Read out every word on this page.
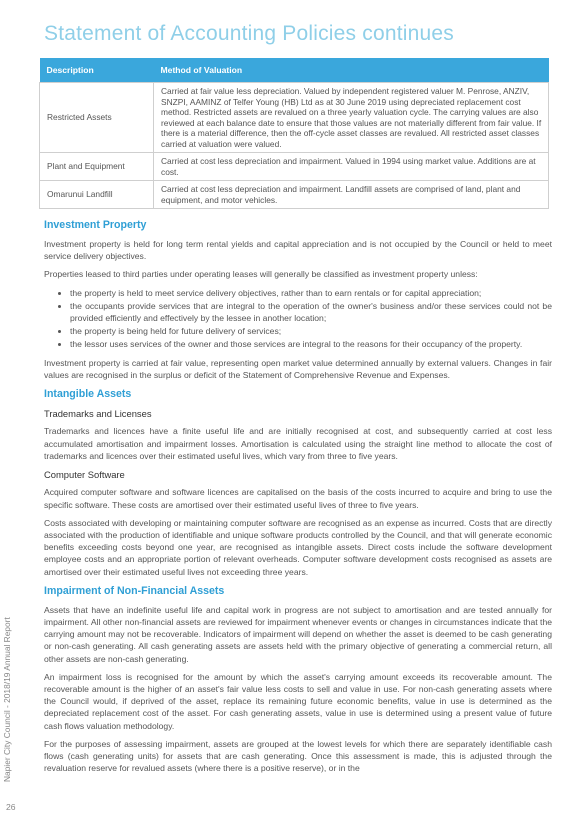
Statement of Accounting Policies continues
Description	Method of Valuation
Restricted Assets	Carried at fair value less depreciation. Valued by independent registered valuer M. Penrose, ANZIV, SNZPI, AAMINZ of Telfer Young (HB) Ltd as at 30 June 2019 using depreciated replacement cost method. Restricted assets are revalued on a three yearly valuation cycle. The carrying values are also reviewed at each balance date to ensure that those values are not materially different from fair value. If there is a material difference, then the off-cycle asset classes are revalued. All restricted asset classes carried at valuation were valued.
Plant and Equipment	Carried at cost less depreciation and impairment. Valued in 1994 using market value. Additions are at cost.
Omarunui Landfill	Carried at cost less depreciation and impairment. Landfill assets are comprised of land, plant and equipment, and motor vehicles.
Investment Property

Investment property is held for long term rental yields and capital appreciation and is not occupied by the Council or held to meet service delivery objectives.

Properties leased to third parties under operating leases will generally be classified as investment property unless:

• the property is held to meet service delivery objectives, rather than to earn rentals or for capital appreciation;
• the occupants provide services that are integral to the operation of the owner's business and/or these services could not be provided efficiently and effectively by the lessee in another location;
• the property is being held for future delivery of services;
• the lessor uses services of the owner and those services are integral to the reasons for their occupancy of the property.

Investment property is carried at fair value, representing open market value determined annually by external valuers. Changes in fair values are recognised in the surplus or deficit of the Statement of Comprehensive Revenue and Expenses.

Intangible Assets
Trademarks and Licenses

Trademarks and licences have a finite useful life and are initially recognised at cost, and subsequently carried at cost less accumulated amortisation and impairment losses. Amortisation is calculated using the straight line method to allocate the cost of trademarks and licences over their estimated useful lives, which vary from three to five years.

Computer Software

Acquired computer software and software licences are capitalised on the basis of the costs incurred to acquire and bring to use the specific software. These costs are amortised over their estimated useful lives of three to five years.

Costs associated with developing or maintaining computer software are recognised as an expense as incurred. Costs that are directly associated with the production of identifiable and unique software products controlled by the Council, and that will generate economic benefits exceeding costs beyond one year, are recognised as intangible assets. Direct costs include the software development employee costs and an appropriate portion of relevant overheads. Computer software development costs recognised as assets are amortised over their estimated useful lives not exceeding three years.

Impairment of Non-Financial Assets

Assets that have an indefinite useful life and capital work in progress are not subject to amortisation and are tested annually for impairment. All other non-financial assets are reviewed for impairment whenever events or changes in circumstances indicate that the carrying amount may not be recoverable. Indicators of impairment will depend on whether the asset is deemed to be cash generating or non-cash generating. All cash generating assets are assets held with the primary objective of generating a commercial return, all other assets are non-cash generating.

An impairment loss is recognised for the amount by which the asset's carrying amount exceeds its recoverable amount. The recoverable amount is the higher of an asset's fair value less costs to sell and value in use. For non-cash generating assets where the Council would, if deprived of the asset, replace its remaining future economic benefits, value in use is determined as the depreciated replacement cost of the asset. For cash generating assets, value in use is determined using a present value of future cash flows valuation methodology.

For the purposes of assessing impairment, assets are grouped at the lowest levels for which there are separately identifiable cash flows (cash generating units) for assets that are cash generating. Once this assessment is made, this is adjusted through the revaluation reserve for revalued assets (where there is a positive reserve), or in the

Napier City Council - 2018/19 Annual Report
26
